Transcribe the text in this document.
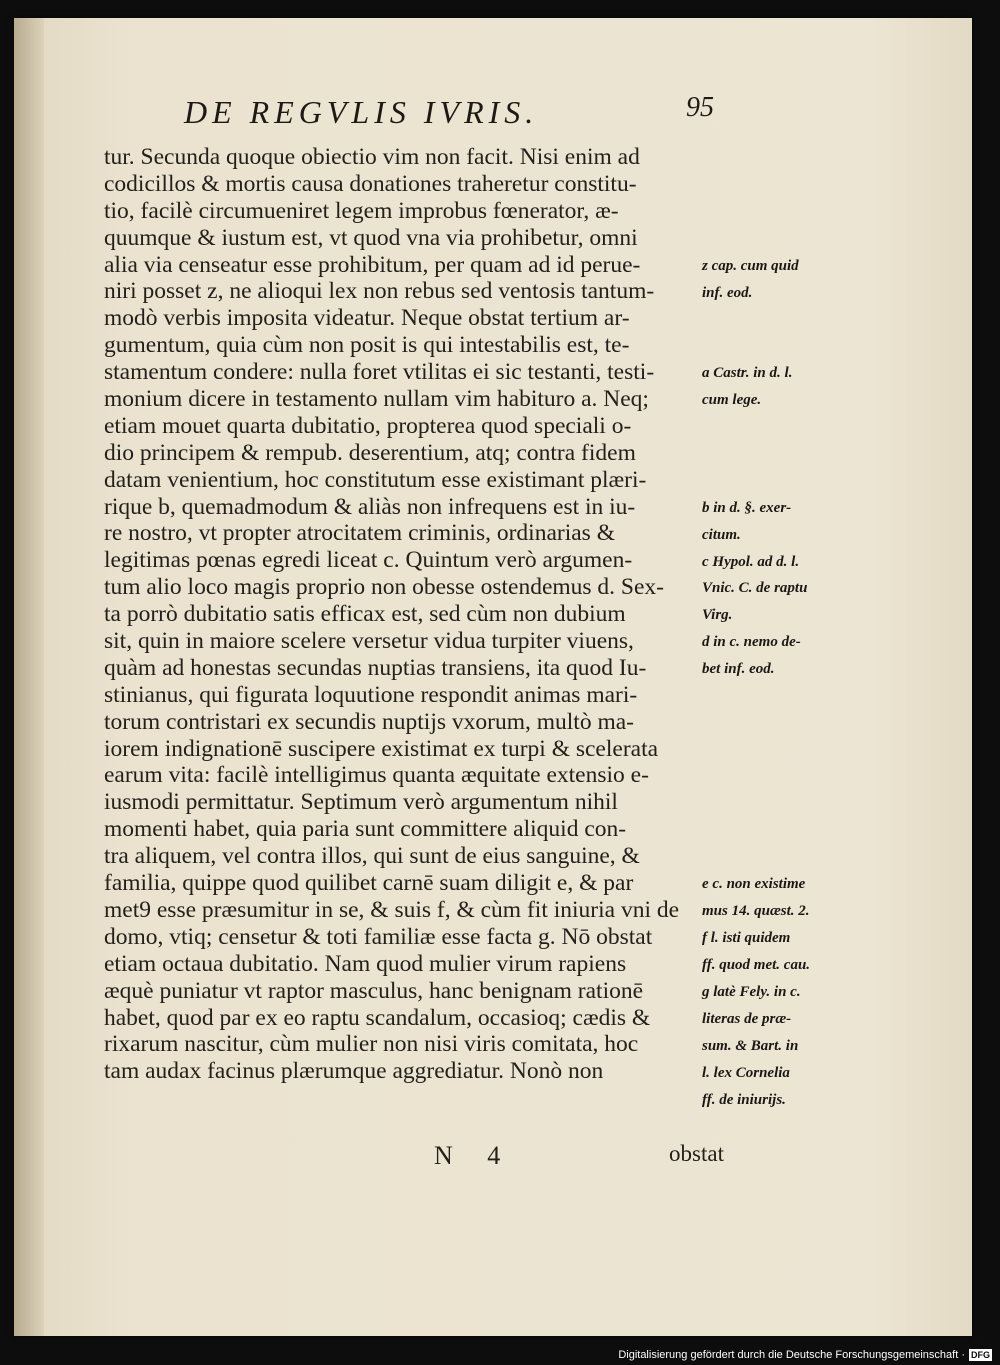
DE REGVLIS IVRIS.	95
tur. Secunda quoque obiectio vim non facit. Nisi enim ad
codicillos & mortis causa donationes traheretur constitu-
tio, facilè circumueniret legem improbus fœnerator, æ-
quumque & iustum est, vt quod vna via prohibetur, omni
alia via censeatur esse prohibitum, per quam ad id perue-
niri posset z, ne alioqui lex non rebus sed ventosis tantum-
modò verbis imposita videatur. Neque obstat tertium ar-
gumentum, quia cùm non posit is qui intestabilis est, te-
stamentum condere: nulla foret vtilitas ei sic testanti, testi-
monium dicere in testamento nullam vim habituro a. Neq;
etiam mouet quarta dubitatio, propterea quod speciali o-
dio principem & rempub. deserentium, atq; contra fidem
datam venientium, hoc constitutum esse existimant plæri-
rique b, quemadmodum & aliàs non infrequens est in iu-
re nostro, vt propter atrocitatem criminis, ordinarias &
legitimas pœnas egredi liceat c. Quintum verò argumen-
tum alio loco magis proprio non obesse ostendemus d. Sex-
ta porrò dubitatio satis efficax est, sed cùm non dubium
sit, quin in maiore scelere versetur vidua turpiter viuens,
quàm ad honestas secundas nuptias transiens, ita quod Iu-
stinianus, qui figurata loquutione respondit animas mari-
torum contristari ex secundis nuptijs vxorum, multò ma-
iorem indignationē suscipere existimat ex turpi & scelerata
earum vita: facilè intelligimus quanta æquitate extensio e-
iusmodi permittatur. Septimum verò argumentum nihil
momenti habet, quia paria sunt committere aliquid con-
tra aliquem, vel contra illos, qui sunt de eius sanguine, &
familia, quippe quod quilibet carnē suam diligit e, & par
met9 esse præsumitur in se, & suis f, & cùm fit iniuria vni de
domo, vtiq; censetur & toti familiæ esse facta g. Nō obstat
etiam octaua dubitatio. Nam quod mulier virum rapiens
æquè puniatur vt raptor masculus, hanc benignam rationē
habet, quod par ex eo raptu scandalum, occasioq; cædis &
rixarum nascitur, cùm mulier non nisi viris comitata, hoc
tam audax facinus plærumque aggrediatur. Nonò non
z cap. cum quid
inf. eod.
a Castr. in d. l.
cum lege.
b in d. §. exer-
citum.
c Hypol. ad d. l.
Vnic. C. de raptu
Virg.
d in c. nemo de-
bet inf. eod.
e c. non existime
mus 14. quæst. 2.
f l. isti quidem
ff. quod met. cau.
g latè Fely. in c.
literas de præ-
sum. & Bart. in
l. lex Cornelia
ff. de iniurijs.
N 4	obstat
Digitalisierung gefördert durch die Deutsche Forschungsgemeinschaft · DFG
